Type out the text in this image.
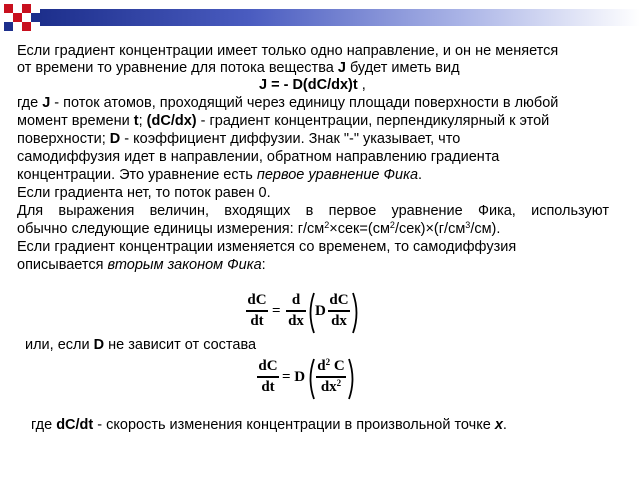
Если градиент концентрации имеет только одно направление, и он не меняется
от времени то уравнение для потока вещества J будет иметь вид
J = - D(dC/dx)t ,
где J - поток атомов, проходящий через единицу площади поверхности в любой
момент времени t; (dC/dx) - градиент концентрации, перпендикулярный к этой
поверхности; D - коэффициент диффузии. Знак "-" указывает, что
самодиффузия идет в направлении, обратном направлению градиента
концентрации. Это уравнение есть первое уравнение Фика.
Если градиента нет, то поток равен 0.
Для выражения величин, входящих в первое уравнение Фика, используют
обычно следующие единицы измерения: $г/см^2\times сек=(см^2/сек)\times(г/см^3/см)$.
Если градиент концентрации изменяется со временем, то самодиффузия
описывается вторым законом Фика:
dC
dt
=
d
dx
D
dC
dx
или, если D не зависит от состава
dC
dt
= D
$d^2$ C
$dx^2$
где dC/dt - скорость изменения концентрации в произвольной точке x.
